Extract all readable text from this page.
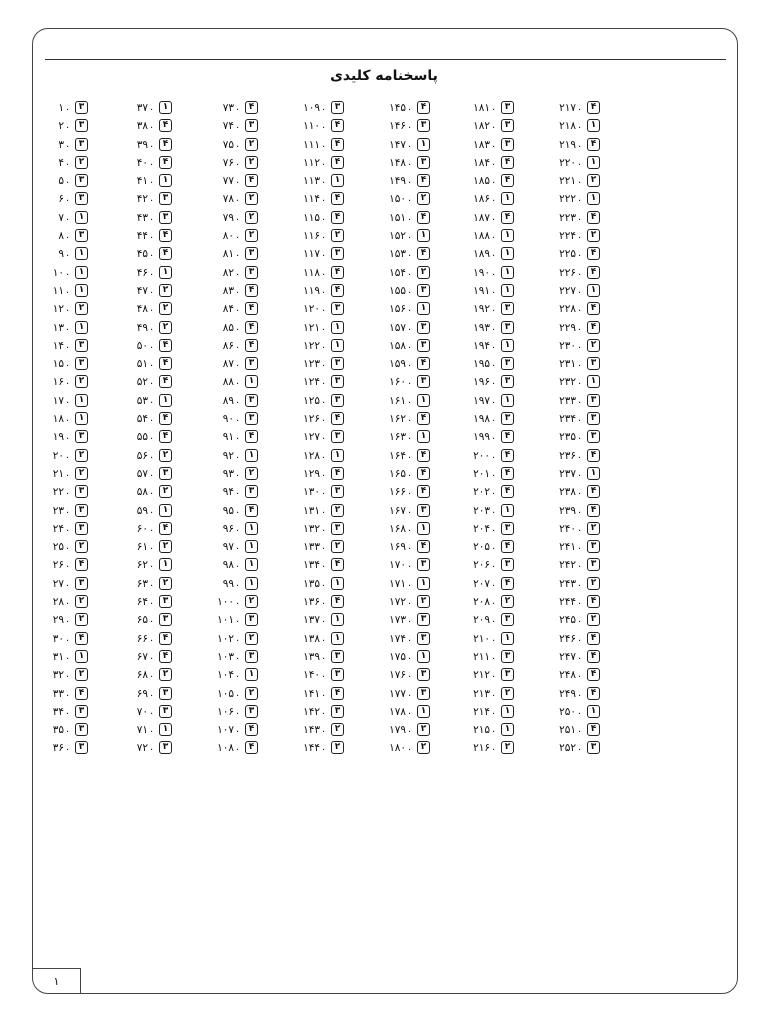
پاسخنامه کلیدی
۱ .	۳
۲ .	۳
۳ .	۳
۴ .	۲
۵ .	۳
۶ .	۳
۷ .	۱
۸ .	۳
۹ .	۱
۱۰ .	۱
۱۱ .	۱
۱۲ .	۲
۱۳ .	۱
۱۴ .	۳
۱۵ .	۳
۱۶ .	۲
۱۷ .	۱
۱۸ .	۱
۱۹ .	۳
۲۰ .	۲
۲۱ .	۲
۲۲ .	۳
۲۳ .	۳
۲۴ .	۳
۲۵ .	۲
۲۶ .	۴
۲۷ .	۳
۲۸ .	۲
۲۹ .	۲
۳۰ .	۴
۳۱ .	۱
۳۲ .	۲
۳۳ .	۴
۳۴ .	۳
۳۵ .	۳
۳۶ .	۳
۳۷ .	۱
۳۸ .	۴
۳۹ .	۴
۴۰ .	۴
۴۱ .	۱
۴۲ .	۳
۴۳ .	۳
۴۴ .	۴
۴۵ .	۴
۴۶ .	۱
۴۷ .	۲
۴۸ .	۲
۴۹ .	۲
۵۰ .	۴
۵۱ .	۴
۵۲ .	۴
۵۳ .	۱
۵۴ .	۴
۵۵ .	۴
۵۶ .	۲
۵۷ .	۳
۵۸ .	۲
۵۹ .	۱
۶۰ .	۴
۶۱ .	۲
۶۲ .	۱
۶۳ .	۲
۶۴ .	۳
۶۵ .	۳
۶۶ .	۴
۶۷ .	۴
۶۸ .	۲
۶۹ .	۳
۷۰ .	۳
۷۱ .	۱
۷۲ .	۳
۷۳ .	۴
۷۴ .	۳
۷۵ .	۲
۷۶ .	۲
۷۷ .	۴
۷۸ .	۲
۷۹ .	۲
۸۰ .	۲
۸۱ .	۳
۸۲ .	۳
۸۳ .	۴
۸۴ .	۴
۸۵ .	۴
۸۶ .	۴
۸۷ .	۳
۸۸ .	۱
۸۹ .	۳
۹۰ .	۳
۹۱ .	۴
۹۲ .	۱
۹۳ .	۲
۹۴ .	۳
۹۵ .	۴
۹۶ .	۱
۹۷ .	۱
۹۸ .	۱
۹۹ .	۱
۱۰۰ .	۲
۱۰۱ .	۳
۱۰۲ .	۲
۱۰۳ .	۳
۱۰۴ .	۱
۱۰۵ .	۲
۱۰۶ .	۳
۱۰۷ .	۴
۱۰۸ .	۴
۱۰۹ .	۳
۱۱۰ .	۴
۱۱۱ .	۴
۱۱۲ .	۴
۱۱۳ .	۱
۱۱۴ .	۴
۱۱۵ .	۴
۱۱۶ .	۲
۱۱۷ .	۳
۱۱۸ .	۴
۱۱۹ .	۴
۱۲۰ .	۳
۱۲۱ .	۱
۱۲۲ .	۱
۱۲۳ .	۳
۱۲۴ .	۳
۱۲۵ .	۳
۱۲۶ .	۴
۱۲۷ .	۳
۱۲۸ .	۱
۱۲۹ .	۴
۱۳۰ .	۳
۱۳۱ .	۲
۱۳۲ .	۳
۱۳۳ .	۲
۱۳۴ .	۴
۱۳۵ .	۱
۱۳۶ .	۴
۱۳۷ .	۱
۱۳۸ .	۱
۱۳۹ .	۳
۱۴۰ .	۳
۱۴۱ .	۴
۱۴۲ .	۳
۱۴۳ .	۲
۱۴۴ .	۲
۱۴۵ .	۴
۱۴۶ .	۳
۱۴۷ .	۱
۱۴۸ .	۳
۱۴۹ .	۴
۱۵۰ .	۲
۱۵۱ .	۴
۱۵۲ .	۱
۱۵۳ .	۴
۱۵۴ .	۲
۱۵۵ .	۳
۱۵۶ .	۱
۱۵۷ .	۳
۱۵۸ .	۳
۱۵۹ .	۴
۱۶۰ .	۳
۱۶۱ .	۱
۱۶۲ .	۴
۱۶۳ .	۱
۱۶۴ .	۴
۱۶۵ .	۴
۱۶۶ .	۴
۱۶۷ .	۳
۱۶۸ .	۱
۱۶۹ .	۴
۱۷۰ .	۳
۱۷۱ .	۱
۱۷۲ .	۲
۱۷۳ .	۳
۱۷۴ .	۳
۱۷۵ .	۱
۱۷۶ .	۳
۱۷۷ .	۳
۱۷۸ .	۱
۱۷۹ .	۲
۱۸۰ .	۲
۱۸۱ .	۳
۱۸۲ .	۳
۱۸۳ .	۳
۱۸۴ .	۴
۱۸۵ .	۴
۱۸۶ .	۱
۱۸۷ .	۴
۱۸۸ .	۱
۱۸۹ .	۱
۱۹۰ .	۱
۱۹۱ .	۱
۱۹۲ .	۳
۱۹۳ .	۳
۱۹۴ .	۱
۱۹۵ .	۳
۱۹۶ .	۳
۱۹۷ .	۱
۱۹۸ .	۳
۱۹۹ .	۴
۲۰۰ .	۴
۲۰۱ .	۴
۲۰۲ .	۴
۲۰۳ .	۱
۲۰۴ .	۳
۲۰۵ .	۴
۲۰۶ .	۳
۲۰۷ .	۴
۲۰۸ .	۲
۲۰۹ .	۳
۲۱۰ .	۱
۲۱۱ .	۳
۲۱۲ .	۳
۲۱۳ .	۲
۲۱۴ .	۱
۲۱۵ .	۱
۲۱۶ .	۲
۲۱۷ .	۴
۲۱۸ .	۱
۲۱۹ .	۴
۲۲۰ .	۱
۲۲۱ .	۲
۲۲۲ .	۱
۲۲۳ .	۴
۲۲۴ .	۲
۲۲۵ .	۴
۲۲۶ .	۴
۲۲۷ .	۱
۲۲۸ .	۴
۲۲۹ .	۴
۲۳۰ .	۲
۲۳۱ .	۳
۲۳۲ .	۱
۲۳۳ .	۳
۲۳۴ .	۳
۲۳۵ .	۳
۲۳۶ .	۴
۲۳۷ .	۱
۲۳۸ .	۴
۲۳۹ .	۴
۲۴۰ .	۲
۲۴۱ .	۳
۲۴۲ .	۳
۲۴۳ .	۲
۲۴۴ .	۴
۲۴۵ .	۲
۲۴۶ .	۴
۲۴۷ .	۴
۲۴۸ .	۴
۲۴۹ .	۴
۲۵۰ .	۱
۲۵۱ .	۴
۲۵۲ .	۳
۱
